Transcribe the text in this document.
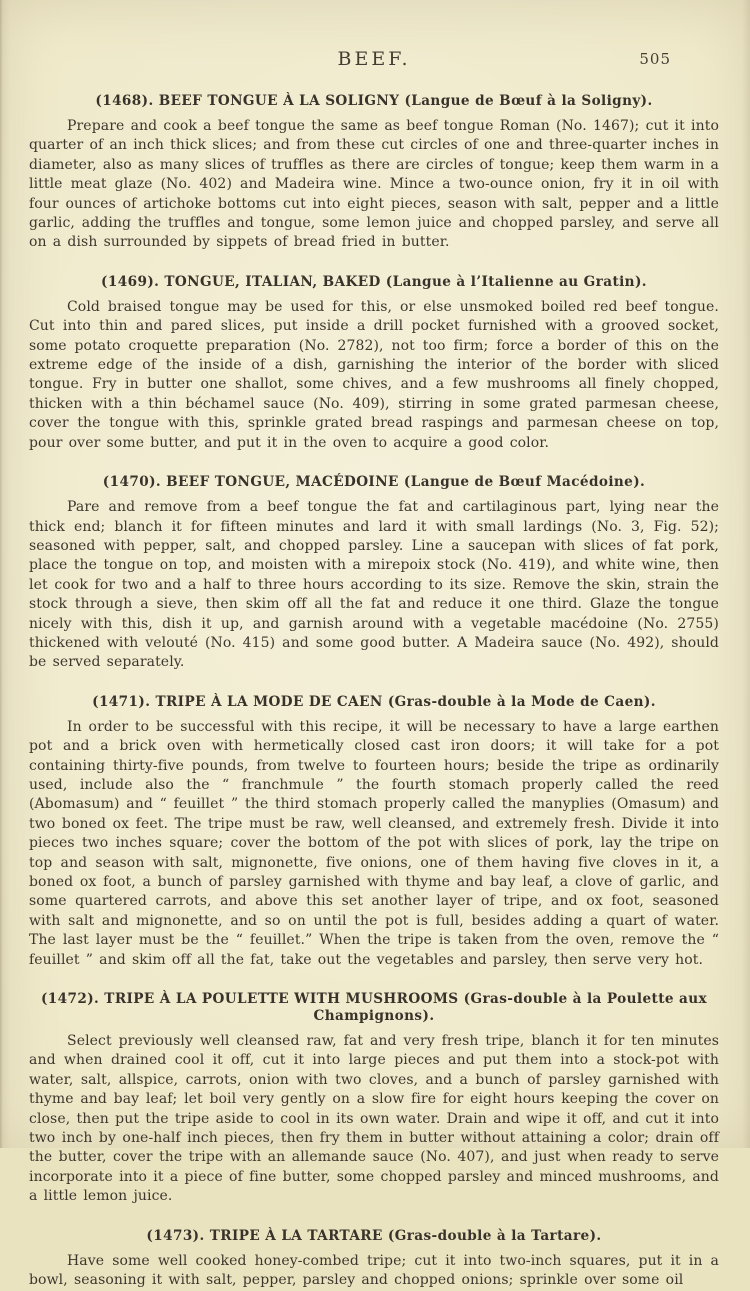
BEEF.	505
(1468). BEEF TONGUE À LA SOLIGNY (Langue de Bœuf à la Soligny).

Prepare and cook a beef tongue the same as beef tongue Roman (No. 1467); cut it into quarter of an inch thick slices; and from these cut circles of one and three-quarter inches in diameter, also as many slices of truffles as there are circles of tongue; keep them warm in a little meat glaze (No. 402) and Madeira wine. Mince a two-ounce onion, fry it in oil with four ounces of artichoke bottoms cut into eight pieces, season with salt, pepper and a little garlic, adding the truffles and tongue, some lemon juice and chopped parsley, and serve all on a dish surrounded by sippets of bread fried in butter.

(1469). TONGUE, ITALIAN, BAKED (Langue à l’Italienne au Gratin).

Cold braised tongue may be used for this, or else unsmoked boiled red beef tongue. Cut into thin and pared slices, put inside a drill pocket furnished with a grooved socket, some potato croquette preparation (No. 2782), not too firm; force a border of this on the extreme edge of the inside of a dish, garnishing the interior of the border with sliced tongue. Fry in butter one shallot, some chives, and a few mushrooms all finely chopped, thicken with a thin béchamel sauce (No. 409), stirring in some grated parmesan cheese, cover the tongue with this, sprinkle grated bread raspings and parmesan cheese on top, pour over some butter, and put it in the oven to acquire a good color.

(1470). BEEF TONGUE, MACÉDOINE (Langue de Bœuf Macédoine).

Pare and remove from a beef tongue the fat and cartilaginous part, lying near the thick end; blanch it for fifteen minutes and lard it with small lardings (No. 3, Fig. 52); seasoned with pepper, salt, and chopped parsley. Line a saucepan with slices of fat pork, place the tongue on top, and moisten with a mirepoix stock (No. 419), and white wine, then let cook for two and a half to three hours according to its size. Remove the skin, strain the stock through a sieve, then skim off all the fat and reduce it one third. Glaze the tongue nicely with this, dish it up, and garnish around with a vegetable macédoine (No. 2755) thickened with velouté (No. 415) and some good butter. A Madeira sauce (No. 492), should be served separately.

(1471). TRIPE À LA MODE DE CAEN (Gras-double à la Mode de Caen).

In order to be successful with this recipe, it will be necessary to have a large earthen pot and a brick oven with hermetically closed cast iron doors; it will take for a pot containing thirty-five pounds, from twelve to fourteen hours; beside the tripe as ordinarily used, include also the “ franchmule ” the fourth stomach properly called the reed (Abomasum) and “ feuillet ” the third stomach properly called the manyplies (Omasum) and two boned ox feet. The tripe must be raw, well cleansed, and extremely fresh. Divide it into pieces two inches square; cover the bottom of the pot with slices of pork, lay the tripe on top and season with salt, mignonette, five onions, one of them having five cloves in it, a boned ox foot, a bunch of parsley garnished with thyme and bay leaf, a clove of garlic, and some quartered carrots, and above this set another layer of tripe, and ox foot, seasoned with salt and mignonette, and so on until the pot is full, besides adding a quart of water. The last layer must be the “ feuillet.” When the tripe is taken from the oven, remove the “ feuillet ” and skim off all the fat, take out the vegetables and parsley, then serve very hot.

(1472). TRIPE À LA POULETTE WITH MUSHROOMS (Gras-double à la Poulette aux Champignons).

Select previously well cleansed raw, fat and very fresh tripe, blanch it for ten minutes and when drained cool it off, cut it into large pieces and put them into a stock-pot with water, salt, allspice, carrots, onion with two cloves, and a bunch of parsley garnished with thyme and bay leaf; let boil very gently on a slow fire for eight hours keeping the cover on close, then put the tripe aside to cool in its own water. Drain and wipe it off, and cut it into two inch by one-half inch pieces, then fry them in butter without attaining a color; drain off the butter, cover the tripe with an allemande sauce (No. 407), and just when ready to serve incorporate into it a piece of fine butter, some chopped parsley and minced mushrooms, and a little lemon juice.

(1473). TRIPE À LA TARTARE (Gras-double à la Tartare).

Have some well cooked honey-combed tripe; cut it into two-inch squares, put it in a bowl, seasoning it with salt, pepper, parsley and chopped onions; sprinkle over some oil
